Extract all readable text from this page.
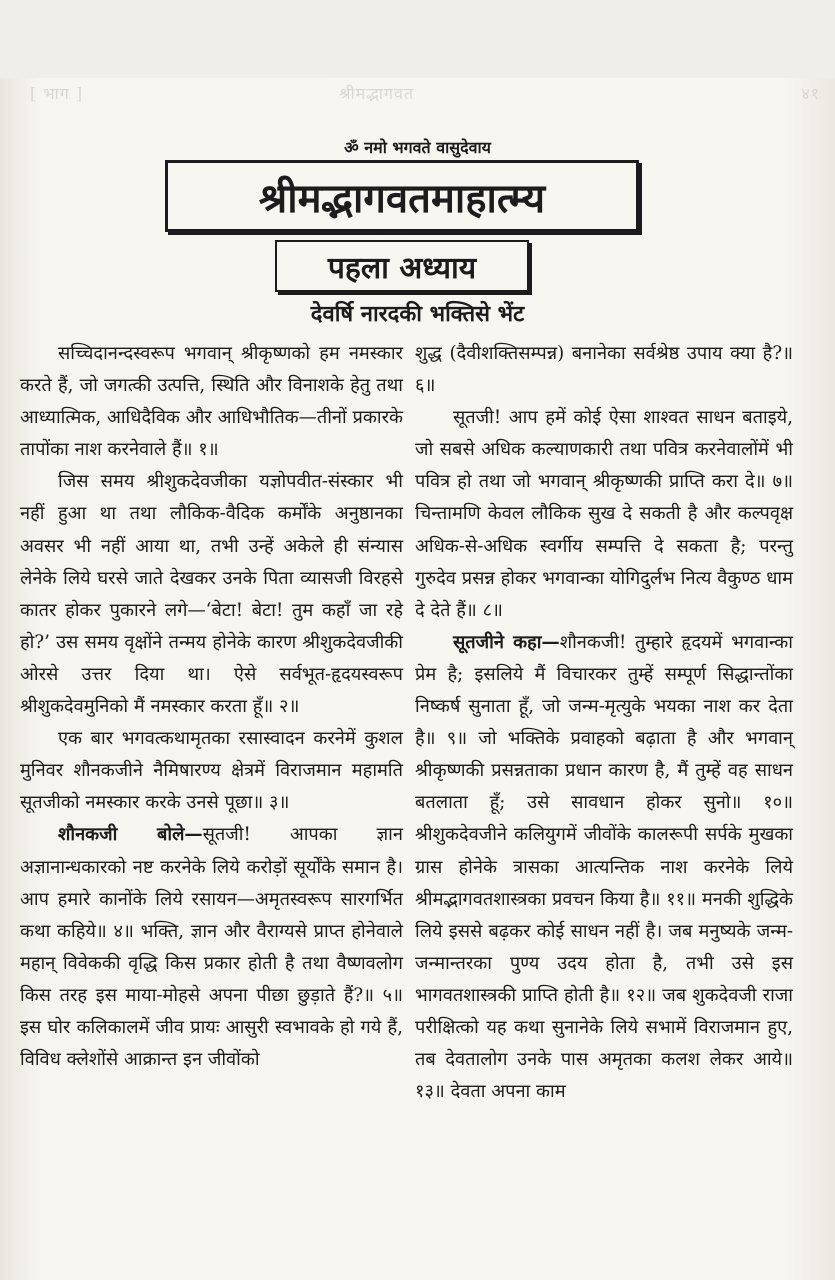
[ भाग ]	श्रीमद्भागवत	४१
ॐ नमो भगवते वासुदेवाय
श्रीमद्भागवतमाहात्म्य
पहला अध्याय
देवर्षि नारदकी भक्तिसे भेंट

सच्चिदानन्दस्वरूप भगवान् श्रीकृष्णको हम नमस्कार करते हैं, जो जगत्की उत्पत्ति, स्थिति और विनाशके हेतु तथा आध्यात्मिक, आधिदैविक और आधिभौतिक—तीनों प्रकारके तापोंका नाश करनेवाले हैं॥ १॥

जिस समय श्रीशुकदेवजीका यज्ञोपवीत-संस्कार भी नहीं हुआ था तथा लौकिक-वैदिक कर्मोंके अनुष्ठानका अवसर भी नहीं आया था, तभी उन्हें अकेले ही संन्यास लेनेके लिये घरसे जाते देखकर उनके पिता व्यासजी विरहसे कातर होकर पुकारने लगे—‘बेटा! बेटा! तुम कहाँ जा रहे हो?’ उस समय वृक्षोंने तन्मय होनेके कारण श्रीशुकदेवजीकी ओरसे उत्तर दिया था। ऐसे सर्वभूत-हृदयस्वरूप श्रीशुकदेवमुनिको मैं नमस्कार करता हूँ॥ २॥

एक बार भगवत्कथामृतका रसास्वादन करनेमें कुशल मुनिवर शौनकजीने नैमिषारण्य क्षेत्रमें विराजमान महामति सूतजीको नमस्कार करके उनसे पूछा॥ ३॥

शौनकजी बोले—सूतजी! आपका ज्ञान अज्ञानान्धकारको नष्ट करनेके लिये करोड़ों सूर्योंके समान है। आप हमारे कानोंके लिये रसायन—अमृतस्वरूप सारगर्भित कथा कहिये॥ ४॥ भक्ति, ज्ञान और वैराग्यसे प्राप्त होनेवाले महान् विवेककी वृद्धि किस प्रकार होती है तथा वैष्णवलोग किस तरह इस माया-मोहसे अपना पीछा छुड़ाते हैं?॥ ५॥ इस घोर कलिकालमें जीव प्रायः आसुरी स्वभावके हो गये हैं, विविध क्लेशोंसे आक्रान्त इन जीवोंको

शुद्ध (दैवीशक्तिसम्पन्न) बनानेका सर्वश्रेष्ठ उपाय क्या है?॥ ६॥

सूतजी! आप हमें कोई ऐसा शाश्वत साधन बताइये, जो सबसे अधिक कल्याणकारी तथा पवित्र करनेवालोंमें भी पवित्र हो तथा जो भगवान् श्रीकृष्णकी प्राप्ति करा दे॥ ७॥ चिन्तामणि केवल लौकिक सुख दे सकती है और कल्पवृक्ष अधिक-से-अधिक स्वर्गीय सम्पत्ति दे सकता है; परन्तु गुरुदेव प्रसन्न होकर भगवान्का योगिदुर्लभ नित्य वैकुण्ठ धाम दे देते हैं॥ ८॥

सूतजीने कहा—शौनकजी! तुम्हारे हृदयमें भगवान्का प्रेम है; इसलिये मैं विचारकर तुम्हें सम्पूर्ण सिद्धान्तोंका निष्कर्ष सुनाता हूँ, जो जन्म-मृत्युके भयका नाश कर देता है॥ ९॥ जो भक्तिके प्रवाहको बढ़ाता है और भगवान् श्रीकृष्णकी प्रसन्नताका प्रधान कारण है, मैं तुम्हें वह साधन बतलाता हूँ; उसे सावधान होकर सुनो॥ १०॥ श्रीशुकदेवजीने कलियुगमें जीवोंके कालरूपी सर्पके मुखका ग्रास होनेके त्रासका आत्यन्तिक नाश करनेके लिये श्रीमद्भागवतशास्त्रका प्रवचन किया है॥ ११॥ मनकी शुद्धिके लिये इससे बढ़कर कोई साधन नहीं है। जब मनुष्यके जन्म-जन्मान्तरका पुण्य उदय होता है, तभी उसे इस भागवतशास्त्रकी प्राप्ति होती है॥ १२॥ जब शुकदेवजी राजा परीक्षित्को यह कथा सुनानेके लिये सभामें विराजमान हुए, तब देवतालोग उनके पास अमृतका कलश लेकर आये॥ १३॥ देवता अपना काम
